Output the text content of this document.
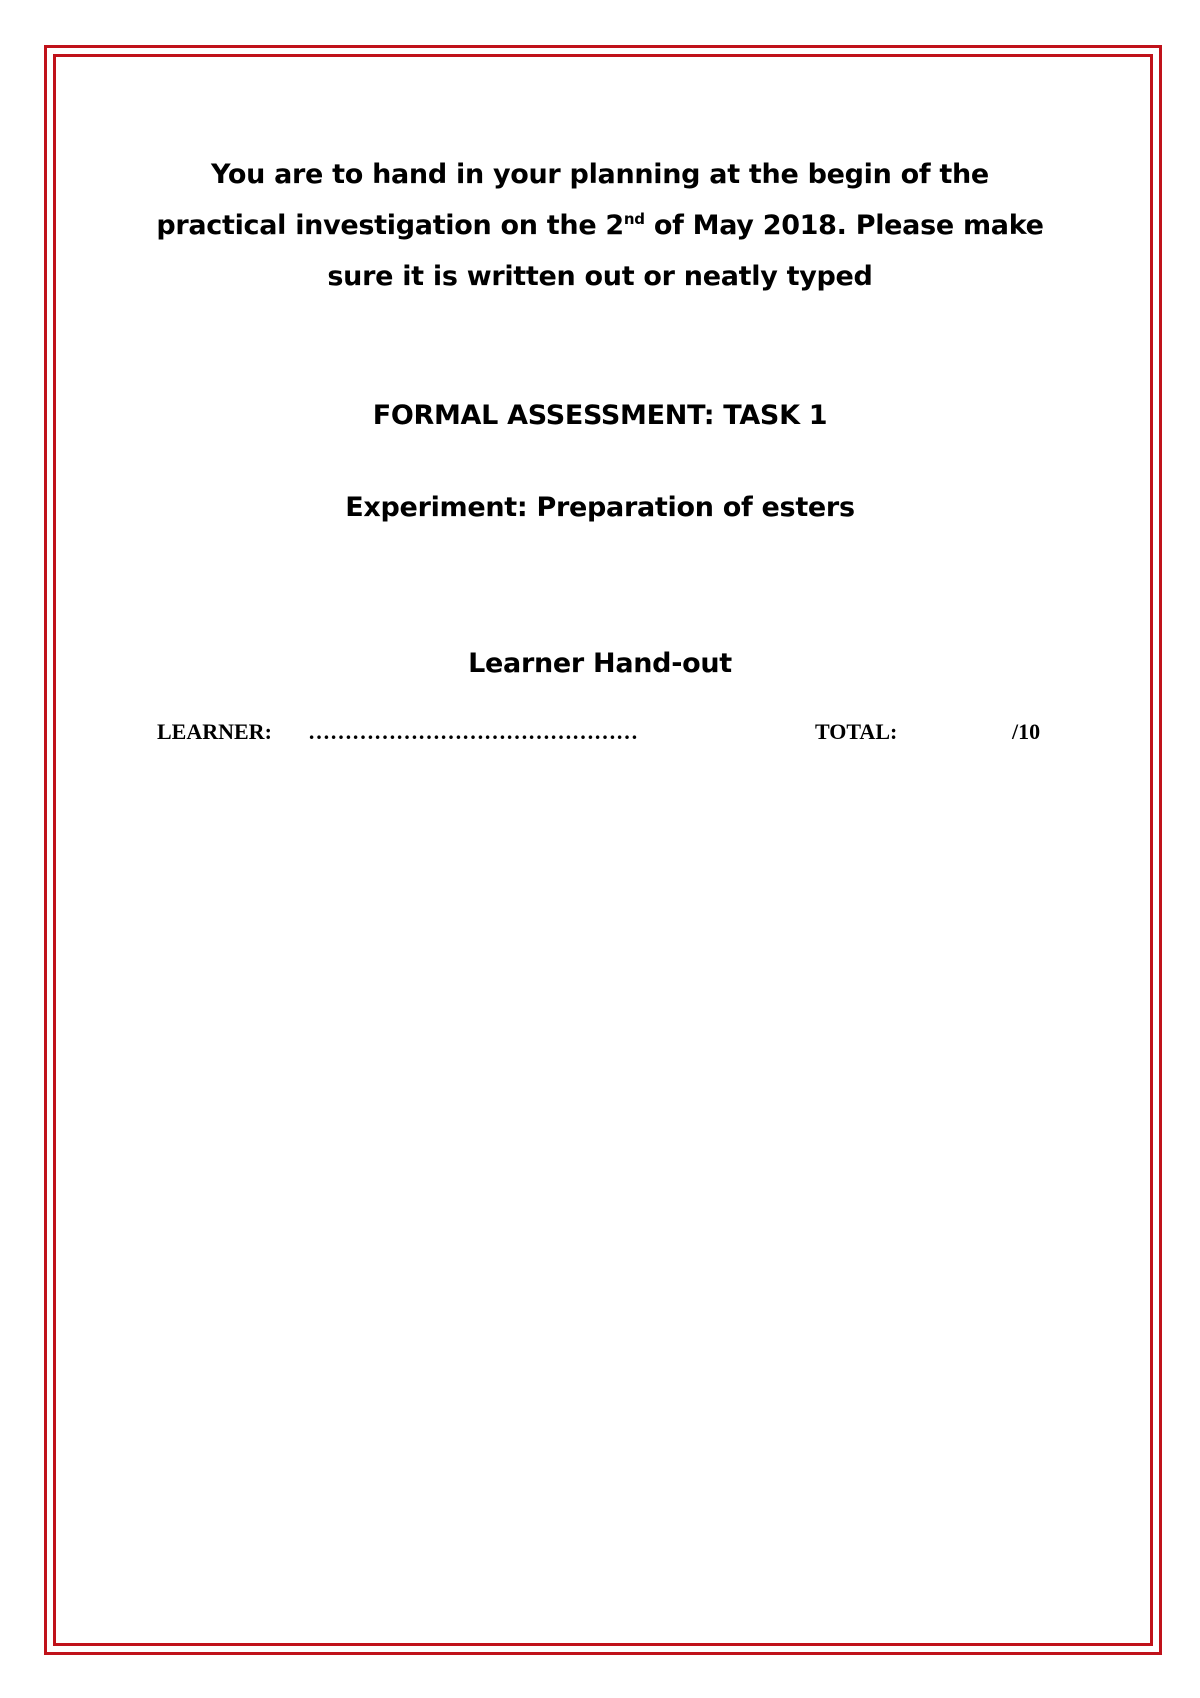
You are to hand in your planning at the begin of the
practical investigation on the 2nd of May 2018. Please make
sure it is written out or neatly typed
FORMAL ASSESSMENT: TASK 1
Experiment: Preparation of esters
Learner Hand-out
LEARNER: ………………………………………	TOTAL:	/10
